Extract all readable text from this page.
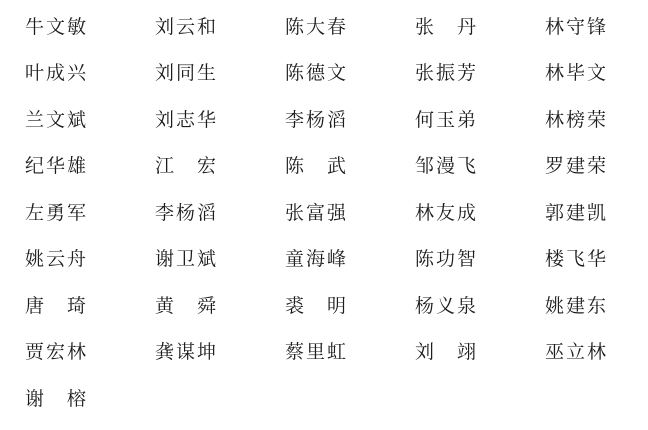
牛文敏	刘云和	陈大春	张　丹	林守锋
叶成兴	刘同生	陈德文	张振芳	林毕文
兰文斌	刘志华	李杨滔	何玉弟	林榜荣
纪华雄	江　宏	陈　武	邹漫飞	罗建荣
左勇军	李杨滔	张富强	林友成	郭建凯
姚云舟	谢卫斌	童海峰	陈功智	楼飞华
唐　琦	黄　舜	裘　明	杨义泉	姚建东
贾宏林	龚谋坤	蔡里虹	刘　翊	巫立林
谢　榕
